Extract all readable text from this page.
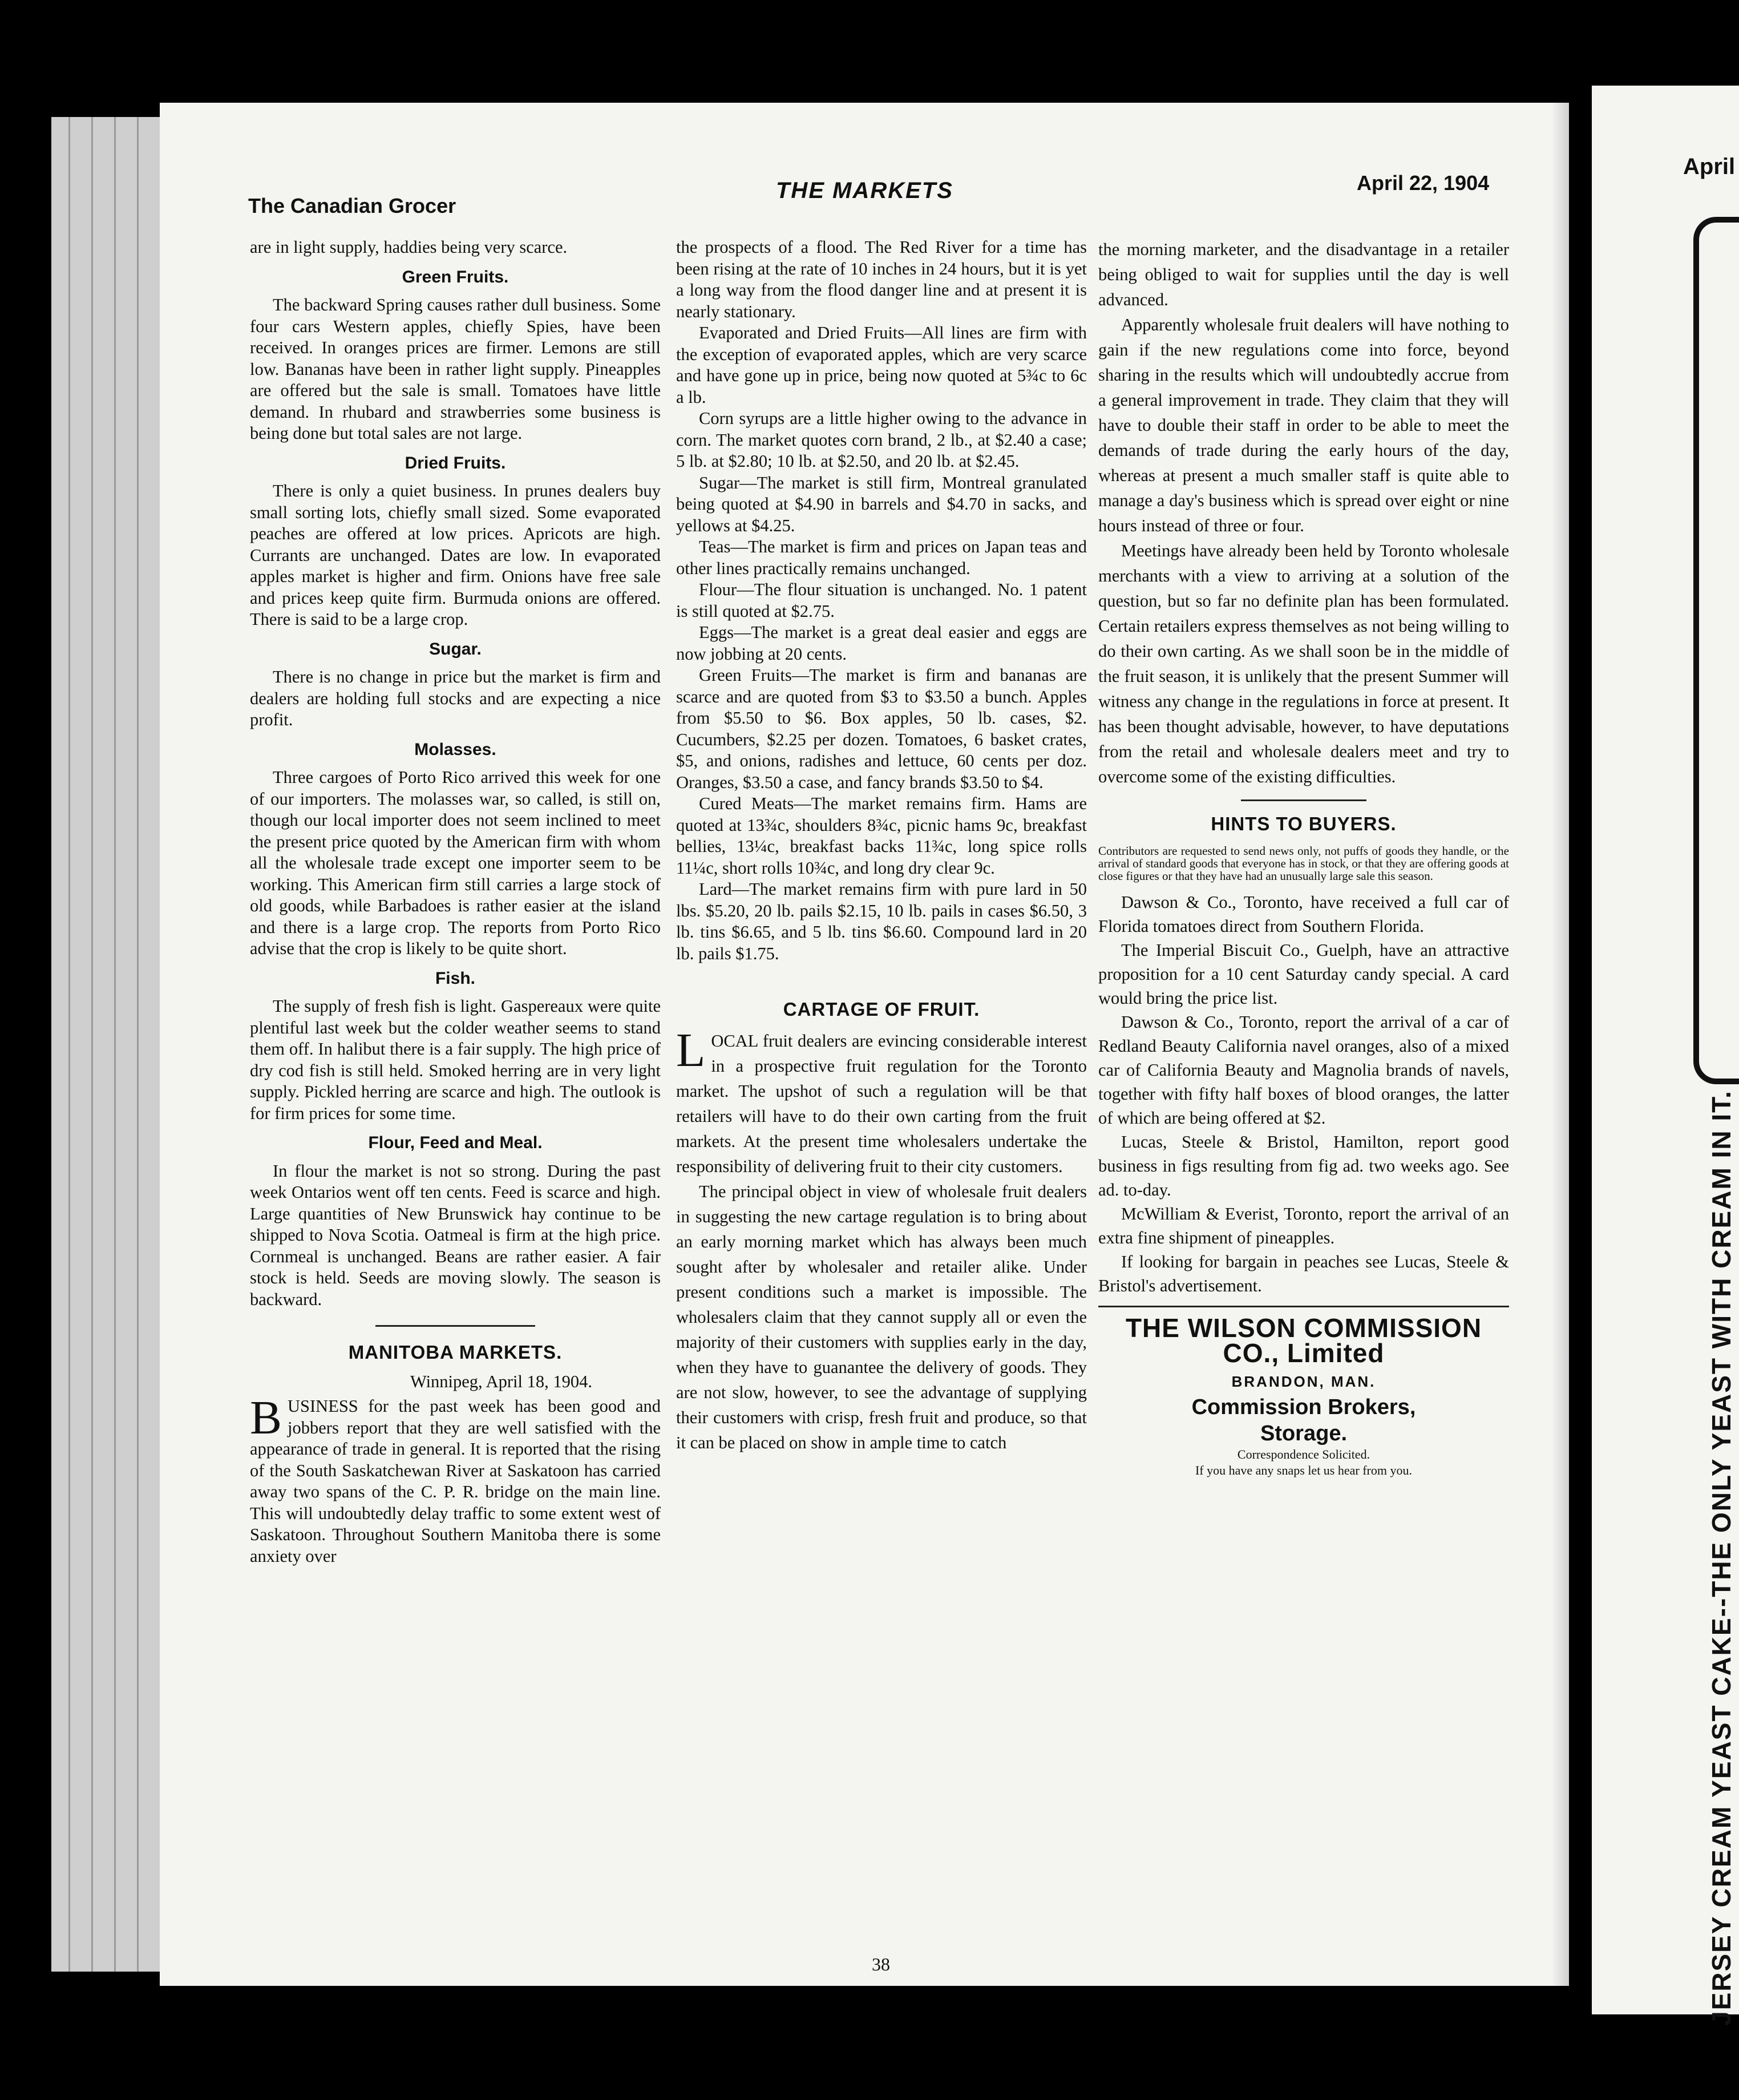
The Canadian Grocer
THE MARKETS	April 22, 1904

are in light supply, haddies being very scarce.

Green Fruits.

The backward Spring causes rather dull business. Some four cars Western apples, chiefly Spies, have been received. In oranges prices are firmer. Lemons are still low. Bananas have been in rather light supply. Pineapples are offered but the sale is small. Tomatoes have little demand. In rhubard and strawberries some business is being done but total sales are not large.

Dried Fruits.

There is only a quiet business. In prunes dealers buy small sorting lots, chiefly small sized. Some evaporated peaches are offered at low prices. Apricots are high. Currants are unchanged. Dates are low. In evaporated apples market is higher and firm. Onions have free sale and prices keep quite firm. Burmuda onions are offered. There is said to be a large crop.

Sugar.

There is no change in price but the market is firm and dealers are holding full stocks and are expecting a nice profit.

Molasses.

Three cargoes of Porto Rico arrived this week for one of our importers. The molasses war, so called, is still on, though our local importer does not seem inclined to meet the present price quoted by the American firm with whom all the wholesale trade except one importer seem to be working. This American firm still carries a large stock of old goods, while Barbadoes is rather easier at the island and there is a large crop. The reports from Porto Rico advise that the crop is likely to be quite short.

Fish.

The supply of fresh fish is light. Gaspereaux were quite plentiful last week but the colder weather seems to stand them off. In halibut there is a fair supply. The high price of dry cod fish is still held. Smoked herring are in very light supply. Pickled herring are scarce and high. The outlook is for firm prices for some time.

Flour, Feed and Meal.

In flour the market is not so strong. During the past week Ontarios went off ten cents. Feed is scarce and high. Large quantities of New Brunswick hay continue to be shipped to Nova Scotia. Oatmeal is firm at the high price. Cornmeal is unchanged. Beans are rather easier. A fair stock is held. Seeds are moving slowly. The season is backward.

MANITOBA MARKETS.
Winnipeg, April 18, 1904.

BUSINESS for the past week has been good and jobbers report that they are well satisfied with the appearance of trade in general. It is reported that the rising of the South Saskatchewan River at Saskatoon has carried away two spans of the C. P. R. bridge on the main line. This will undoubtedly delay traffic to some extent west of Saskatoon. Throughout Southern Manitoba there is some anxiety over

the prospects of a flood. The Red River for a time has been rising at the rate of 10 inches in 24 hours, but it is yet a long way from the flood danger line and at present it is nearly stationary.

Evaporated and Dried Fruits—All lines are firm with the exception of evaporated apples, which are very scarce and have gone up in price, being now quoted at 5¾c to 6c a lb.

Corn syrups are a little higher owing to the advance in corn. The market quotes corn brand, 2 lb., at $2.40 a case; 5 lb. at $2.80; 10 lb. at $2.50, and 20 lb. at $2.45.

Sugar—The market is still firm, Montreal granulated being quoted at $4.90 in barrels and $4.70 in sacks, and yellows at $4.25.

Teas—The market is firm and prices on Japan teas and other lines practically remains unchanged.

Flour—The flour situation is unchanged. No. 1 patent is still quoted at $2.75.

Eggs—The market is a great deal easier and eggs are now jobbing at 20 cents.

Green Fruits—The market is firm and bananas are scarce and are quoted from $3 to $3.50 a bunch. Apples from $5.50 to $6. Box apples, 50 lb. cases, $2. Cucumbers, $2.25 per dozen. Tomatoes, 6 basket crates, $5, and onions, radishes and lettuce, 60 cents per doz. Oranges, $3.50 a case, and fancy brands $3.50 to $4.

Cured Meats—The market remains firm. Hams are quoted at 13¾c, shoulders 8¾c, picnic hams 9c, breakfast bellies, 13¼c, breakfast backs 11¾c, long spice rolls 11¼c, short rolls 10¾c, and long dry clear 9c.

Lard—The market remains firm with pure lard in 50 lbs. $5.20, 20 lb. pails $2.15, 10 lb. pails in cases $6.50, 3 lb. tins $6.65, and 5 lb. tins $6.60. Compound lard in 20 lb. pails $1.75.

CARTAGE OF FRUIT.

LOCAL fruit dealers are evincing considerable interest in a prospective fruit regulation for the Toronto market. The upshot of such a regulation will be that retailers will have to do their own carting from the fruit markets. At the present time wholesalers undertake the responsibility of delivering fruit to their city customers.

The principal object in view of wholesale fruit dealers in suggesting the new cartage regulation is to bring about an early morning market which has always been much sought after by wholesaler and retailer alike. Under present conditions such a market is impossible. The wholesalers claim that they cannot supply all or even the majority of their customers with supplies early in the day, when they have to guanantee the delivery of goods. They are not slow, however, to see the advantage of supplying their customers with crisp, fresh fruit and produce, so that it can be placed on show in ample time to catch

the morning marketer, and the disadvantage in a retailer being obliged to wait for supplies until the day is well advanced.

Apparently wholesale fruit dealers will have nothing to gain if the new regulations come into force, beyond sharing in the results which will undoubtedly accrue from a general improvement in trade. They claim that they will have to double their staff in order to be able to meet the demands of trade during the early hours of the day, whereas at present a much smaller staff is quite able to manage a day's business which is spread over eight or nine hours instead of three or four.

Meetings have already been held by Toronto wholesale merchants with a view to arriving at a solution of the question, but so far no definite plan has been formulated. Certain retailers express themselves as not being willing to do their own carting. As we shall soon be in the middle of the fruit season, it is unlikely that the present Summer will witness any change in the regulations in force at present. It has been thought advisable, however, to have deputations from the retail and wholesale dealers meet and try to overcome some of the existing difficulties.

HINTS TO BUYERS.
Contributors are requested to send news only, not puffs of goods they handle, or the arrival of standard goods that everyone has in stock, or that they are offering goods at close figures or that they have had an unusually large sale this season.

Dawson & Co., Toronto, have received a full car of Florida tomatoes direct from Southern Florida.

The Imperial Biscuit Co., Guelph, have an attractive proposition for a 10 cent Saturday candy special. A card would bring the price list.

Dawson & Co., Toronto, report the arrival of a car of Redland Beauty California navel oranges, also of a mixed car of California Beauty and Magnolia brands of navels, together with fifty half boxes of blood oranges, the latter of which are being offered at $2.

Lucas, Steele & Bristol, Hamilton, report good business in figs resulting from fig ad. two weeks ago. See ad. to-day.

McWilliam & Everist, Toronto, report the arrival of an extra fine shipment of pineapples.

If looking for bargain in peaches see Lucas, Steele & Bristol's advertisement.

THE WILSON COMMISSION CO., Limited
BRANDON, MAN.
Commission Brokers,
Storage.
Correspondence Solicited.
If you have any snaps let us hear from you.
38
April
JERSEY CREAM YEAST CAKE--THE ONLY YEAST WITH CREAM IN IT.
